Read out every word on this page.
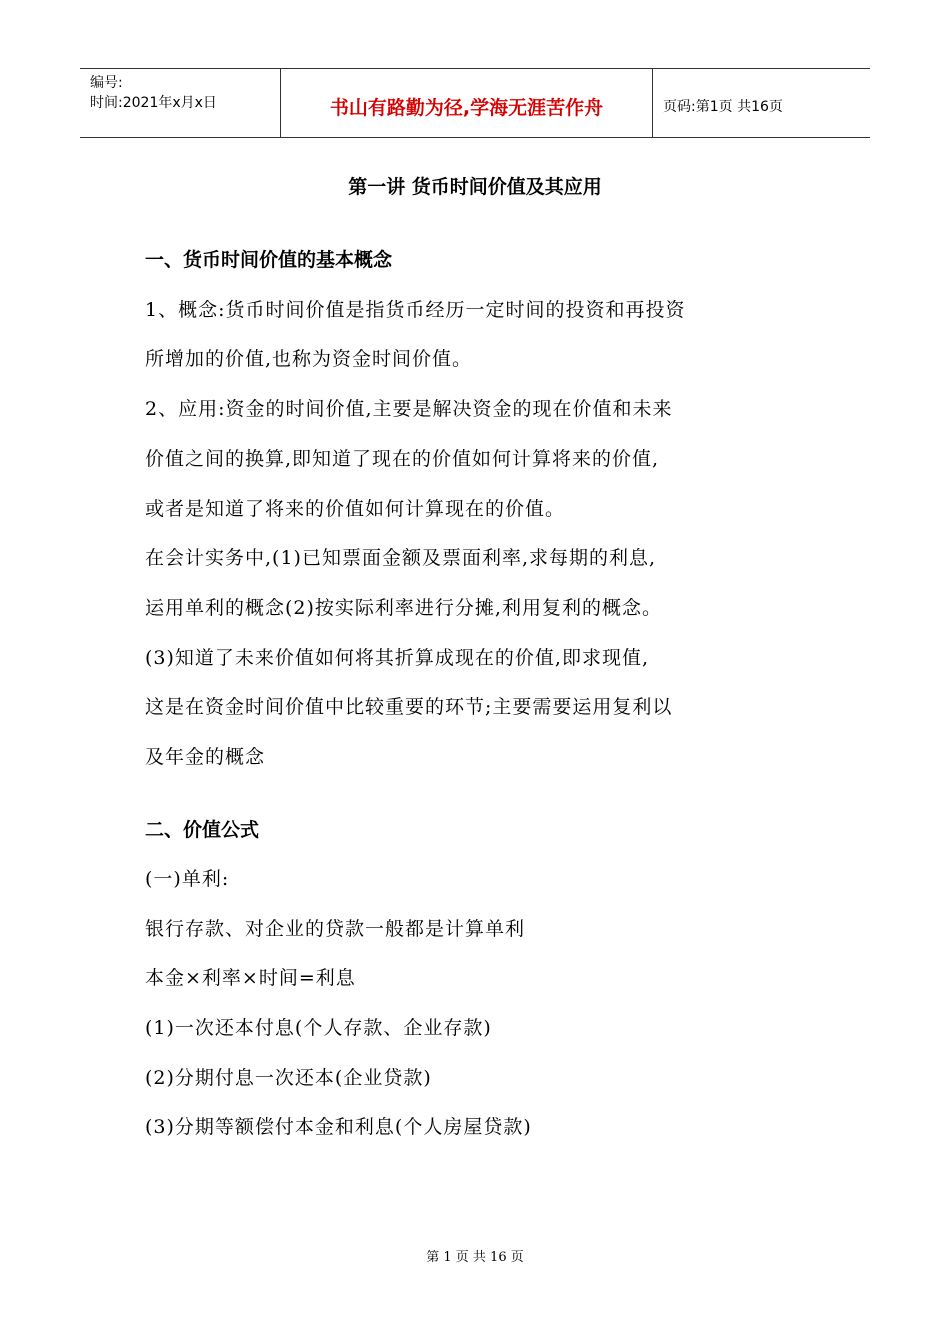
编号:
时间:2021年x月x日	书山有路勤为径,学海无涯苦作舟	页码:第1页 共16页
第一讲 货币时间价值及其应用
一、货币时间价值的基本概念
1、概念:货币时间价值是指货币经历一定时间的投资和再投资
所增加的价值,也称为资金时间价值。
2、应用:资金的时间价值,主要是解决资金的现在价值和未来
价值之间的换算,即知道了现在的价值如何计算将来的价值,
或者是知道了将来的价值如何计算现在的价值。
在会计实务中,(1)已知票面金额及票面利率,求每期的利息,
运用单利的概念(2)按实际利率进行分摊,利用复利的概念。
(3)知道了未来价值如何将其折算成现在的价值,即求现值,
这是在资金时间价值中比较重要的环节;主要需要运用复利以
及年金的概念
二、价值公式
(一)单利:
银行存款、对企业的贷款一般都是计算单利
本金×利率×时间=利息
(1)一次还本付息(个人存款、企业存款)
(2)分期付息一次还本(企业贷款)
(3)分期等额偿付本金和利息(个人房屋贷款)
第 1 页 共 16 页
